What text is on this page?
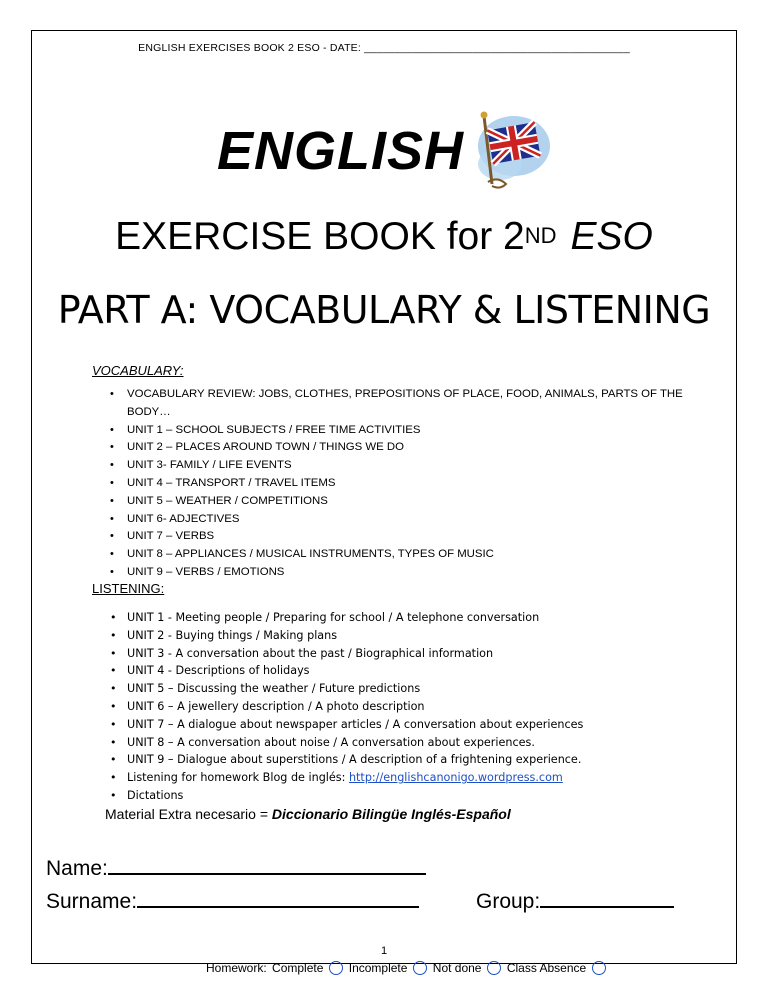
ENGLISH EXERCISES BOOK 2 ESO - DATE: ____________________________________________
ENGLISH
EXERCISE BOOK for 2ND ESO
PART A: VOCABULARY & LISTENING
VOCABULARY:
• VOCABULARY REVIEW: JOBS, CLOTHES, PREPOSITIONS OF PLACE, FOOD, ANIMALS, PARTS OF THE BODY…
• UNIT 1 – SCHOOL SUBJECTS / FREE TIME ACTIVITIES
• UNIT 2 – PLACES AROUND TOWN / THINGS WE DO
• UNIT 3- FAMILY / LIFE EVENTS
• UNIT 4 – TRANSPORT / TRAVEL ITEMS
• UNIT 5 – WEATHER / COMPETITIONS
• UNIT 6- ADJECTIVES
• UNIT 7 – VERBS
• UNIT 8 – APPLIANCES / MUSICAL INSTRUMENTS, TYPES OF MUSIC
• UNIT 9 – VERBS / EMOTIONS
LISTENING:
• UNIT 1 - Meeting people / Preparing for school / A telephone conversation
• UNIT 2 - Buying things / Making plans
• UNIT 3 - A conversation about the past / Biographical information
• UNIT 4 - Descriptions of holidays
• UNIT 5 – Discussing the weather / Future predictions
• UNIT 6 – A jewellery description / A photo description
• UNIT 7 – A dialogue about newspaper articles / A conversation about experiences
• UNIT 8 – A conversation about noise / A conversation about experiences.
• UNIT 9 – Dialogue about superstitions / A description of a frightening experience.
• Listening for homework Blog de inglés: http://englishcanonigo.wordpress.com
• Dictations
Material Extra necesario = Diccionario Bilingüe Inglés-Español
Name:
Surname:	Group:
1
Homework: Complete Incomplete Not done Class Absence
